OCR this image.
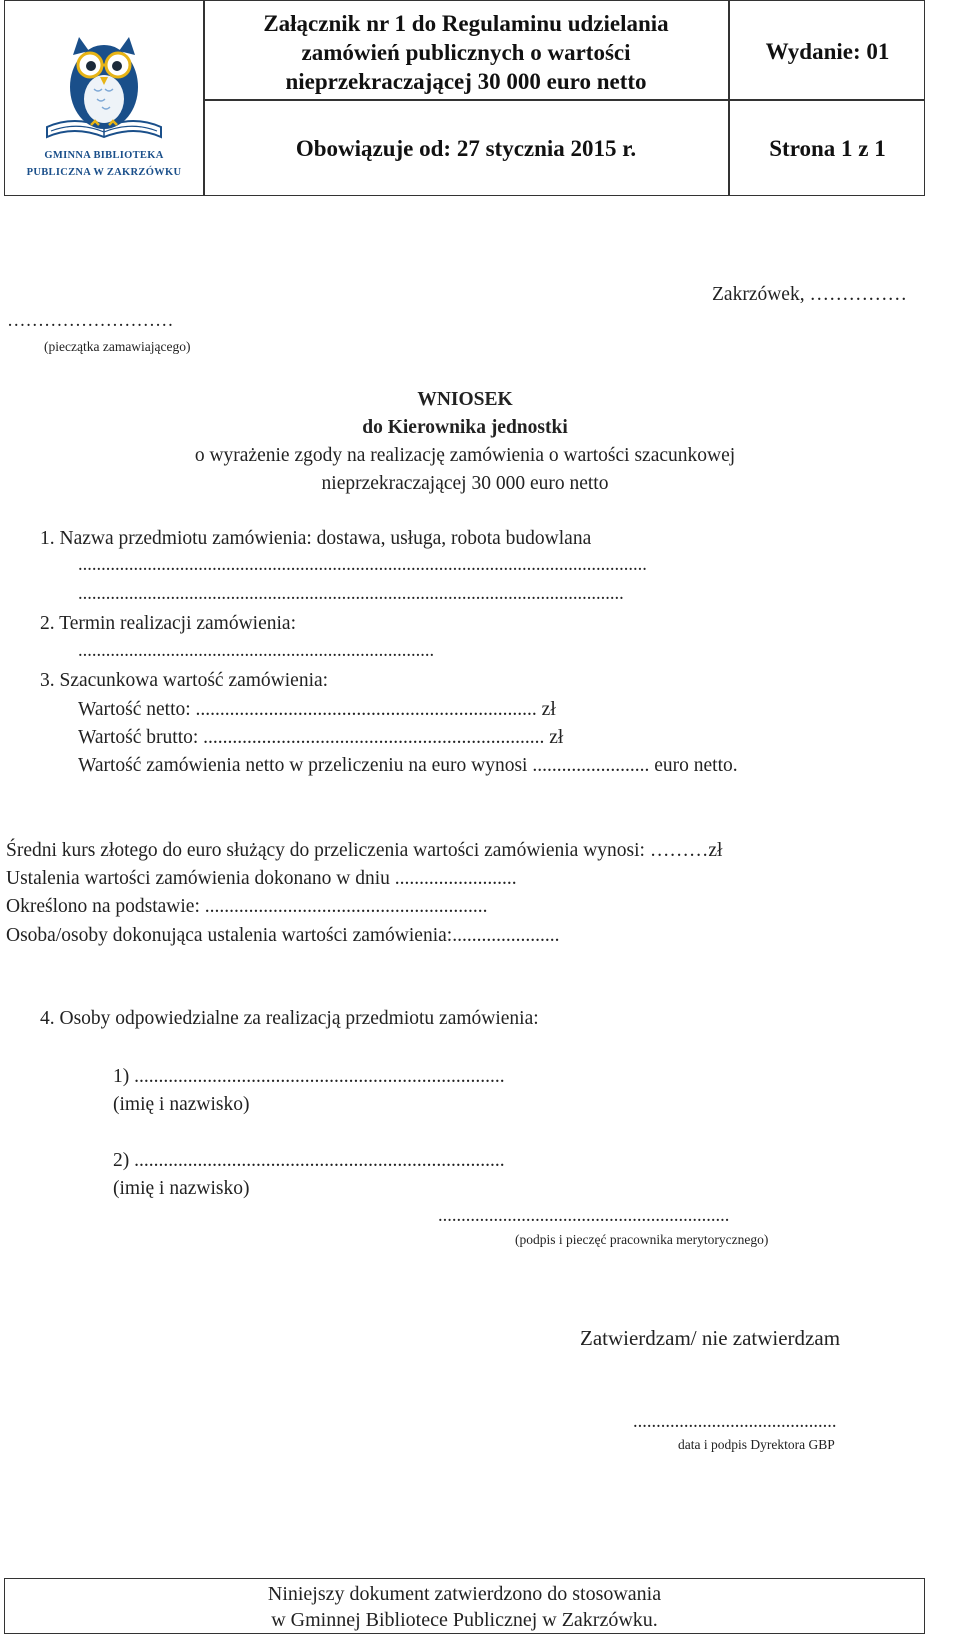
GMINNA BIBLIOTEKA
PUBLICZNA W ZAKRZÓWKU
Załącznik nr 1 do Regulaminu udzielania
zamówień publicznych o wartości
nieprzekraczającej 30 000 euro netto
Wydanie: 01
Obowiązuje od: 27 stycznia 2015 r.	Strona 1 z 1
Zakrzówek, ……………
………………………
(pieczątka zamawiającego)
WNIOSEK
do Kierownika jednostki
o wyrażenie zgody na realizację zamówienia o wartości szacunkowej
nieprzekraczającej 30 000 euro netto
1. Nazwa przedmiotu zamówienia: dostawa, usługa, robota budowlana
...........................................................................................................................
......................................................................................................................
2. Termin realizacji zamówienia:
.............................................................................
3. Szacunkowa wartość zamówienia:
Wartość netto: ...................................................................... zł
Wartość brutto: ...................................................................... zł
Wartość zamówienia netto w przeliczeniu na euro wynosi ........................ euro netto.
Średni kurs złotego do euro służący do przeliczenia wartości zamówienia wynosi: ………zł
Ustalenia wartości zamówienia dokonano w dniu .........................
Określono na podstawie: ..........................................................
Osoba/osoby dokonująca ustalenia wartości zamówienia:......................
4. Osoby odpowiedzialne za realizacją przedmiotu zamówienia:
1) ............................................................................
(imię i nazwisko)
2) ............................................................................
(imię i nazwisko)
...............................................................
(podpis i pieczęć pracownika merytorycznego)
Zatwierdzam/ nie zatwierdzam
............................................
data i podpis Dyrektora GBP
Niniejszy dokument zatwierdzono do stosowania
w Gminnej Bibliotece Publicznej w Zakrzówku.
